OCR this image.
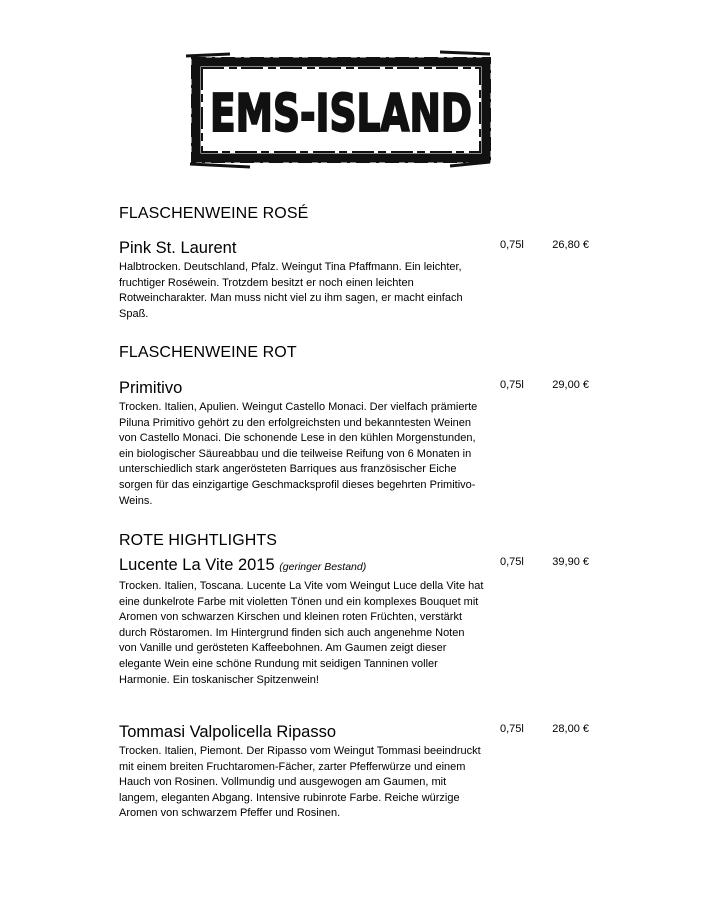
EMS-ISLAND
FLASCHENWEINE ROSÉ
Pink St. Laurent	0,75l	26,80 €
Halbtrocken. Deutschland, Pfalz. Weingut Tina Pfaffmann. Ein leichter, fruchtiger Roséwein. Trotzdem besitzt er noch einen leichten Rotweincharakter. Man muss nicht viel zu ihm sagen, er macht einfach Spaß.
FLASCHENWEINE ROT
Primitivo	0,75l	29,00 €
Trocken. Italien, Apulien. Weingut Castello Monaci. Der vielfach prämierte Piluna Primitivo gehört zu den erfolgreichsten und bekanntesten Weinen von Castello Monaci. Die schonende Lese in den kühlen Morgenstunden, ein biologischer Säureabbau und die teilweise Reifung von 6 Monaten in unterschiedlich stark angerösteten Barriques aus französischer Eiche sorgen für das einzigartige Geschmacksprofil dieses begehrten Primitivo-Weins.
ROTE HIGHTLIGHTS
Lucente La Vite 2015 (geringer Bestand)	0,75l	39,90 €
Trocken. Italien, Toscana. Lucente La Vite vom Weingut Luce della Vite hat eine dunkelrote Farbe mit violetten Tönen und ein komplexes Bouquet mit Aromen von schwarzen Kirschen und kleinen roten Früchten, verstärkt durch Röstaromen. Im Hintergrund finden sich auch angenehme Noten von Vanille und gerösteten Kaffeebohnen. Am Gaumen zeigt dieser elegante Wein eine schöne Rundung mit seidigen Tanninen voller Harmonie. Ein toskanischer Spitzenwein!
Tommasi Valpolicella Ripasso	0,75l	28,00 €
Trocken. Italien, Piemont. Der Ripasso vom Weingut Tommasi beeindruckt mit einem breiten Fruchtaromen-Fächer, zarter Pfefferwürze und einem Hauch von Rosinen. Vollmundig und ausgewogen am Gaumen, mit langem, eleganten Abgang. Intensive rubinrote Farbe. Reiche würzige Aromen von schwarzem Pfeffer und Rosinen.
